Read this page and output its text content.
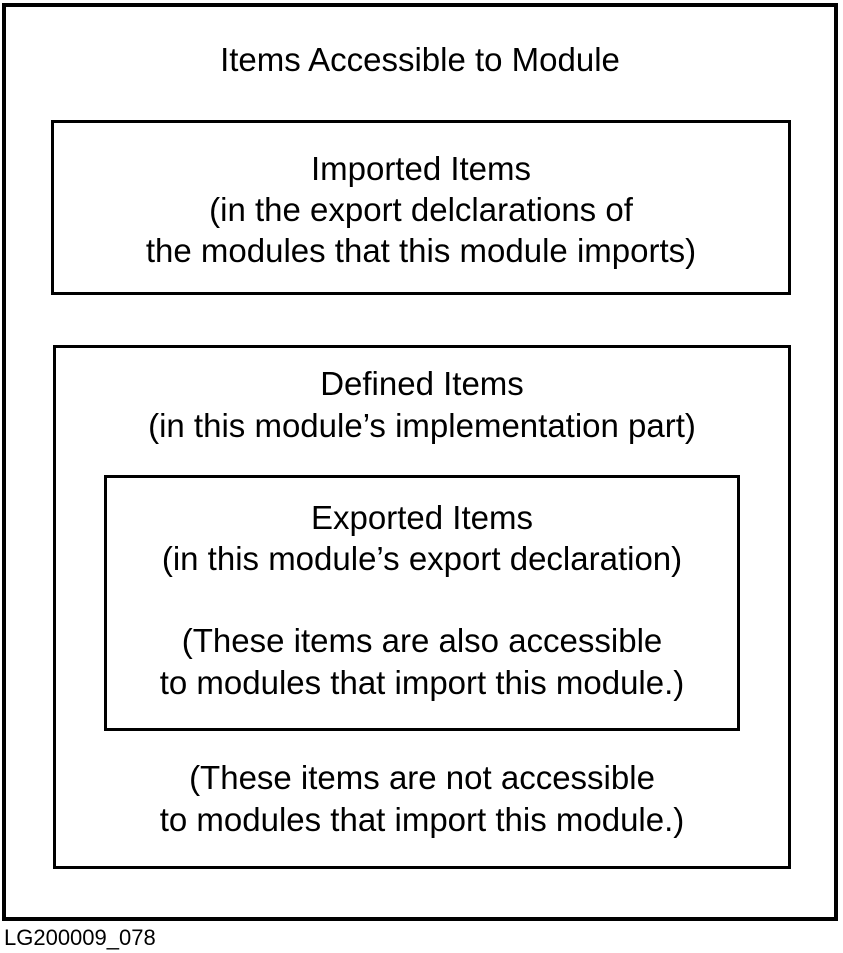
Items Accessible to Module
Imported Items
(in the export delclarations of
the modules that this module imports)
Defined Items
(in this module’s implementation part)
(These items are not accessible
to modules that import this module.)
Exported Items
(in this module’s export declaration)
(These items are also accessible
to modules that import this module.)
LG200009_078
